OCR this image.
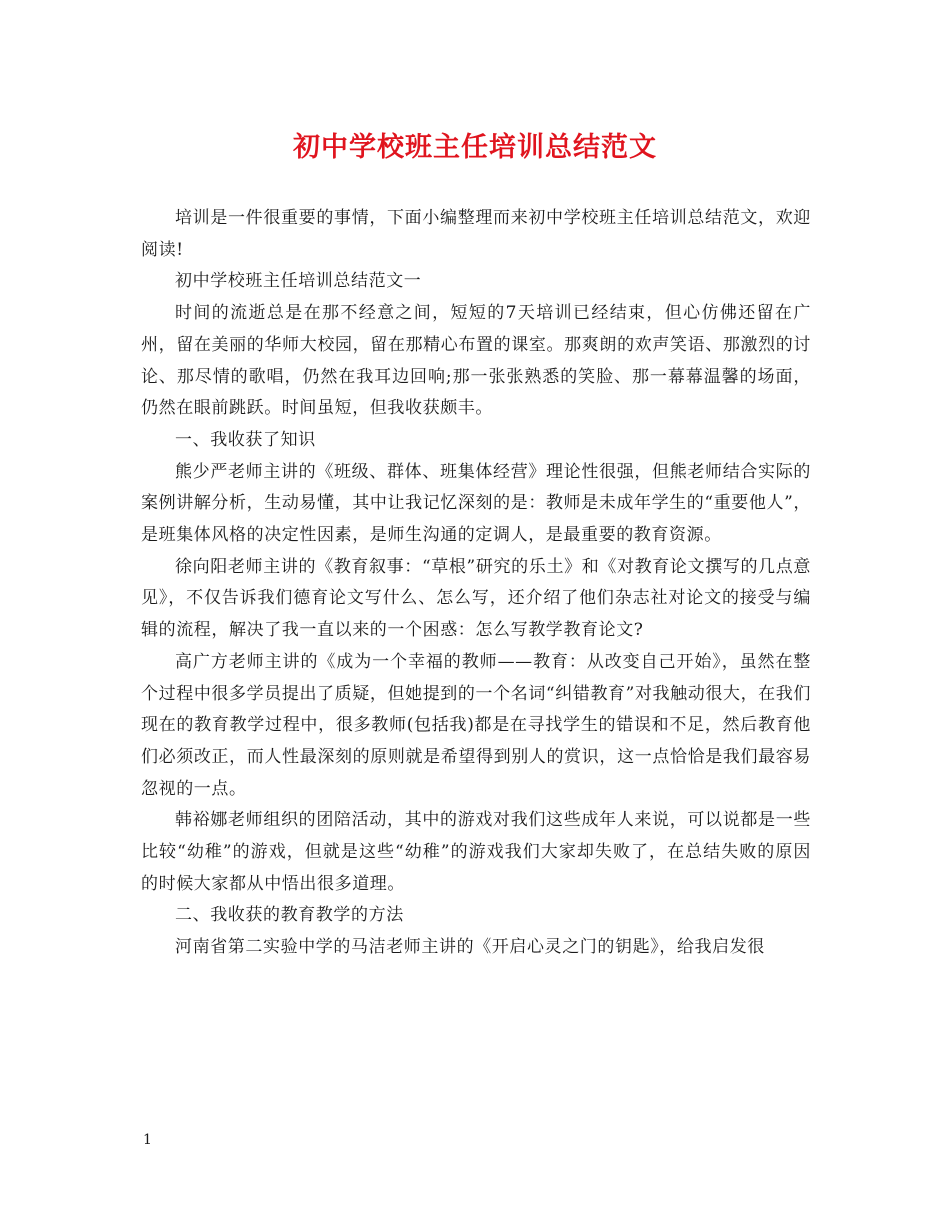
初中学校班主任培训总结范文

培训是一件很重要的事情，下面小编整理而来初中学校班主任培训总结范文，欢迎阅读!

初中学校班主任培训总结范文一

时间的流逝总是在那不经意之间，短短的7天培训已经结束，但心仿佛还留在广州，留在美丽的华师大校园，留在那精心布置的课室。那爽朗的欢声笑语、那激烈的讨论、那尽情的歌唱，仍然在我耳边回响;那一张张熟悉的笑脸、那一幕幕温馨的场面，仍然在眼前跳跃。时间虽短，但我收获颇丰。

一、我收获了知识

熊少严老师主讲的《班级、群体、班集体经营》理论性很强，但熊老师结合实际的案例讲解分析，生动易懂，其中让我记忆深刻的是：教师是未成年学生的“重要他人”，是班集体风格的决定性因素，是师生沟通的定调人，是最重要的教育资源。

徐向阳老师主讲的《教育叙事：“草根”研究的乐土》和《对教育论文撰写的几点意见》，不仅告诉我们德育论文写什么、怎么写，还介绍了他们杂志社对论文的接受与编辑的流程，解决了我一直以来的一个困惑：怎么写教学教育论文?

高广方老师主讲的《成为一个幸福的教师——教育：从改变自己开始》，虽然在整个过程中很多学员提出了质疑，但她提到的一个名词“纠错教育”对我触动很大，在我们现在的教育教学过程中，很多教师(包括我)都是在寻找学生的错误和不足，然后教育他们必须改正，而人性最深刻的原则就是希望得到别人的赏识，这一点恰恰是我们最容易忽视的一点。

韩裕娜老师组织的团陪活动，其中的游戏对我们这些成年人来说，可以说都是一些比较“幼稚”的游戏，但就是这些“幼稚”的游戏我们大家却失败了，在总结失败的原因的时候大家都从中悟出很多道理。

二、我收获的教育教学的方法

河南省第二实验中学的马洁老师主讲的《开启心灵之门的钥匙》，给我启发很

1
